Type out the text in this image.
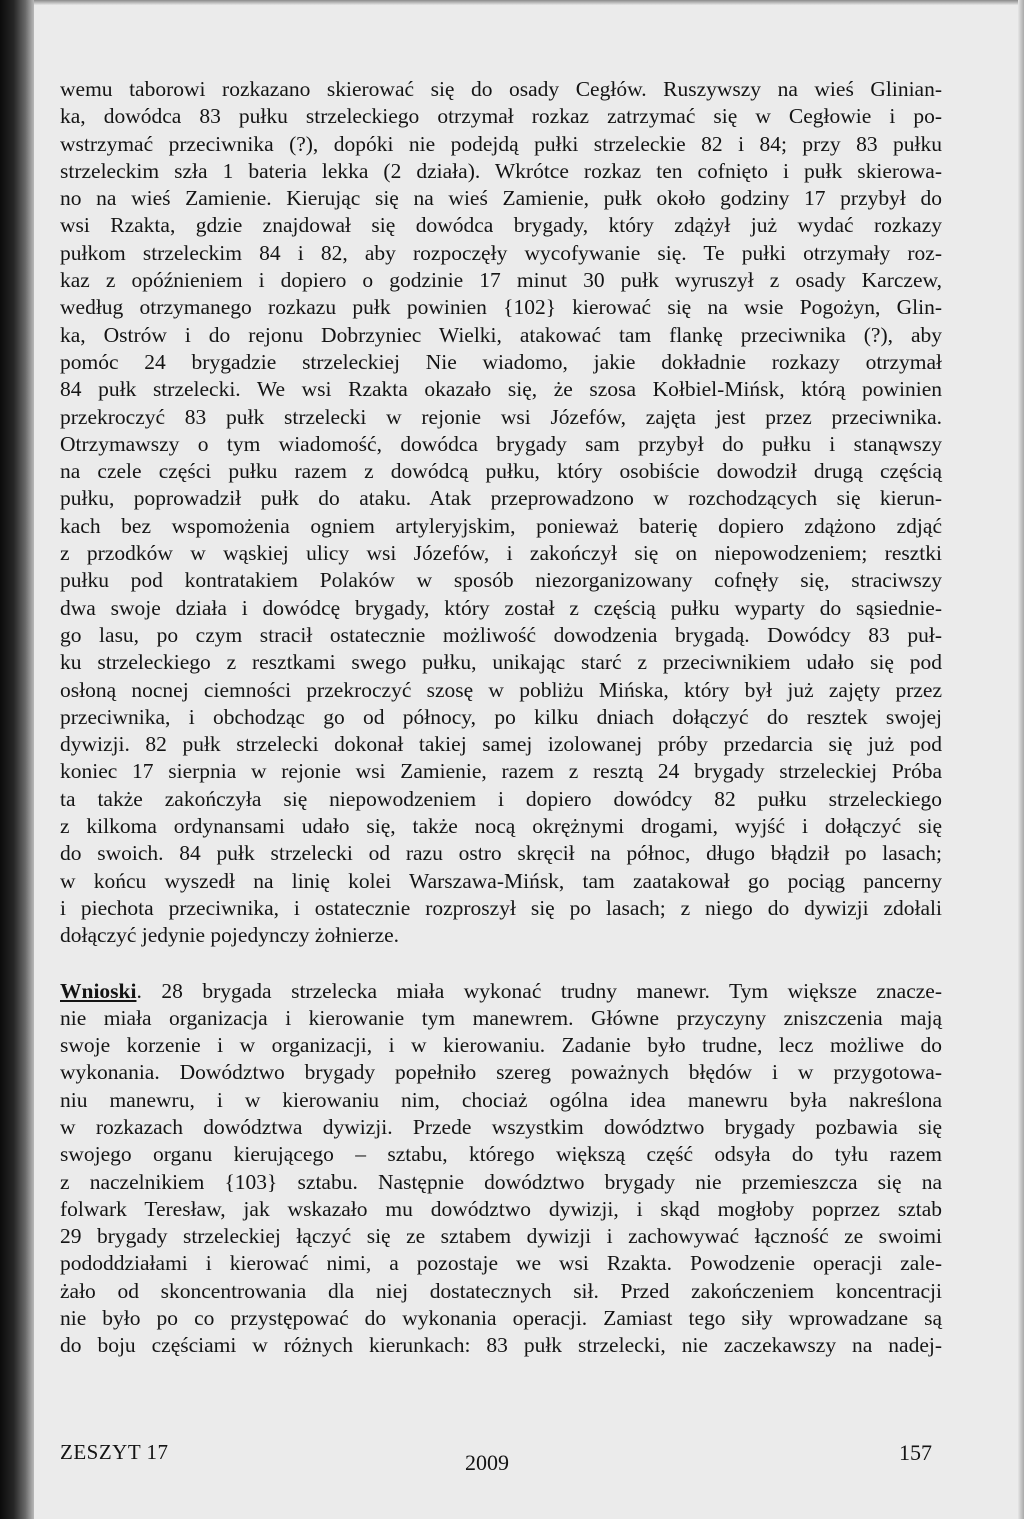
wemu taborowi rozkazano skierować się do osady Cegłów. Ruszywszy na wieś Glinian-
ka, dowódca 83 pułku strzeleckiego otrzymał rozkaz zatrzymać się w Cegłowie i po-
wstrzymać przeciwnika (?), dopóki nie podejdą pułki strzeleckie 82 i 84; przy 83 pułku
strzeleckim szła 1 bateria lekka (2 działa). Wkrótce rozkaz ten cofnięto i pułk skierowa-
no na wieś Zamienie. Kierując się na wieś Zamienie, pułk około godziny 17 przybył do
wsi Rzakta, gdzie znajdował się dowódca brygady, który zdążył już wydać rozkazy
pułkom strzeleckim 84 i 82, aby rozpoczęły wycofywanie się. Te pułki otrzymały roz-
kaz z opóźnieniem i dopiero o godzinie 17 minut 30 pułk wyruszył z osady Karczew,
według otrzymanego rozkazu pułk powinien {102} kierować się na wsie Pogożyn, Glin-
ka, Ostrów i do rejonu Dobrzyniec Wielki, atakować tam flankę przeciwnika (?), aby
pomóc 24 brygadzie strzeleckiej Nie wiadomo, jakie dokładnie rozkazy otrzymał
84 pułk strzelecki. We wsi Rzakta okazało się, że szosa Kołbiel-Mińsk, którą powinien
przekroczyć 83 pułk strzelecki w rejonie wsi Józefów, zajęta jest przez przeciwnika.
Otrzymawszy o tym wiadomość, dowódca brygady sam przybył do pułku i stanąwszy
na czele części pułku razem z dowódcą pułku, który osobiście dowodził drugą częścią
pułku, poprowadził pułk do ataku. Atak przeprowadzono w rozchodzących się kierun-
kach bez wspomożenia ogniem artyleryjskim, ponieważ baterię dopiero zdążono zdjąć
z przodków w wąskiej ulicy wsi Józefów, i zakończył się on niepowodzeniem; resztki
pułku pod kontratakiem Polaków w sposób niezorganizowany cofnęły się, straciwszy
dwa swoje działa i dowódcę brygady, który został z częścią pułku wyparty do sąsiednie-
go lasu, po czym stracił ostatecznie możliwość dowodzenia brygadą. Dowódcy 83 puł-
ku strzeleckiego z resztkami swego pułku, unikając starć z przeciwnikiem udało się pod
osłoną nocnej ciemności przekroczyć szosę w pobliżu Mińska, który był już zajęty przez
przeciwnika, i obchodząc go od północy, po kilku dniach dołączyć do resztek swojej
dywizji. 82 pułk strzelecki dokonał takiej samej izolowanej próby przedarcia się już pod
koniec 17 sierpnia w rejonie wsi Zamienie, razem z resztą 24 brygady strzeleckiej Próba
ta także zakończyła się niepowodzeniem i dopiero dowódcy 82 pułku strzeleckiego
z kilkoma ordynansami udało się, także nocą okrężnymi drogami, wyjść i dołączyć się
do swoich. 84 pułk strzelecki od razu ostro skręcił na północ, długo błądził po lasach;
w końcu wyszedł na linię kolei Warszawa-Mińsk, tam zaatakował go pociąg pancerny
i piechota przeciwnika, i ostatecznie rozproszył się po lasach; z niego do dywizji zdołali
dołączyć jedynie pojedynczy żołnierze.
Wnioski. 28 brygada strzelecka miała wykonać trudny manewr. Tym większe znacze-
nie miała organizacja i kierowanie tym manewrem. Główne przyczyny zniszczenia mają
swoje korzenie i w organizacji, i w kierowaniu. Zadanie było trudne, lecz możliwe do
wykonania. Dowództwo brygady popełniło szereg poważnych błędów i w przygotowa-
niu manewru, i w kierowaniu nim, chociaż ogólna idea manewru była nakreślona
w rozkazach dowództwa dywizji. Przede wszystkim dowództwo brygady pozbawia się
swojego organu kierującego – sztabu, którego większą część odsyła do tyłu razem
z naczelnikiem {103} sztabu. Następnie dowództwo brygady nie przemieszcza się na
folwark Teresław, jak wskazało mu dowództwo dywizji, i skąd mogłoby poprzez sztab
29 brygady strzeleckiej łączyć się ze sztabem dywizji i zachowywać łączność ze swoimi
pododdziałami i kierować nimi, a pozostaje we wsi Rzakta. Powodzenie operacji zale-
żało od skoncentrowania dla niej dostatecznych sił. Przed zakończeniem koncentracji
nie było po co przystępować do wykonania operacji. Zamiast tego siły wprowadzane są
do boju częściami w różnych kierunkach: 83 pułk strzelecki, nie zaczekawszy na nadej-
ZESZYT 17	2009	157
